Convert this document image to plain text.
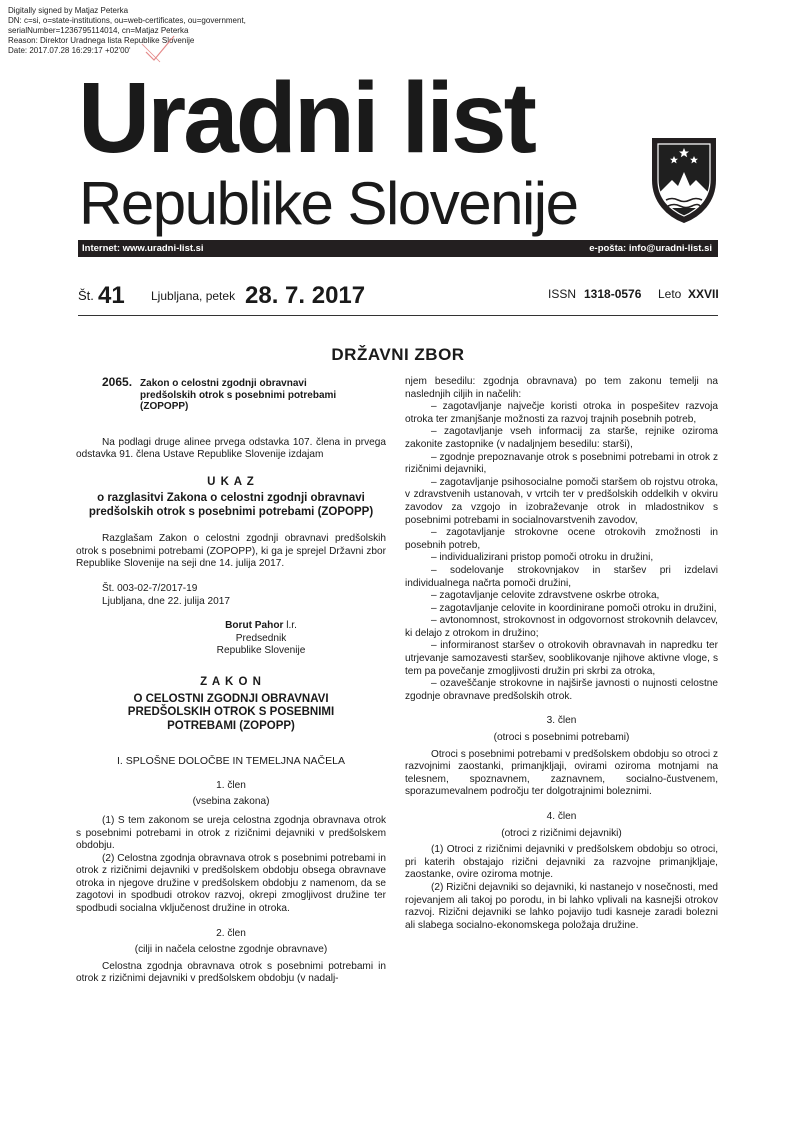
Digitally signed by Matjaz Peterka
DN: c=si, o=state-institutions, ou=web-certificates, ou=government,
serialNumber=1236795114014, cn=Matjaz Peterka
Reason: Direktor Uradnega lista Republike Slovenije
Date: 2017.07.28 16:29:17 +02'00'
Uradni list
Republike Slovenije
Internet: www.uradni-list.si	e-pošta: info@uradni-list.si
Št. 41 Ljubljana, petek 28. 7. 2017	ISSN 1318-0576 Leto XXVII
DRŽAVNI ZBOR
2065. Zakon o celostni zgodnji obravnavi predšolskih otrok s posebnimi potrebami (ZOPOPP)

Na podlagi druge alinee prvega odstavka 107. člena in prvega odstavka 91. člena Ustave Republike Slovenije izdajam

U K A Z

o razglasitvi Zakona o celostni zgodnji obravnavi predšolskih otrok s posebnimi potrebami (ZOPOPP)

Razglašam Zakon o celostni zgodnji obravnavi predšolskih otrok s posebnimi potrebami (ZOPOPP), ki ga je sprejel Državni zbor Republike Slovenije na seji dne 14. julija 2017.

Št. 003-02-7/2017-19

Ljubljana, dne 22. julija 2017

Borut Pahor l.r.
Predsednik
Republike Slovenije

Z A K O N

O CELOSTNI ZGODNJI OBRAVNAVI PREDŠOLSKIH OTROK S POSEBNIMI POTREBAMI (ZOPOPP)

I. SPLOŠNE DOLOČBE IN TEMELJNA NAČELA

1. člen

(vsebina zakona)

(1) S tem zakonom se ureja celostna zgodnja obravnava otrok s posebnimi potrebami in otrok z rizičnimi dejavniki v predšolskem obdobju.

(2) Celostna zgodnja obravnava otrok s posebnimi potrebami in otrok z rizičnimi dejavniki v predšolskem obdobju obsega obravnave otroka in njegove družine v predšolskem obdobju z namenom, da se zagotovi in spodbudi otrokov razvoj, okrepi zmogljivost družine ter spodbudi socialna vključenost družine in otroka.

2. člen

(cilji in načela celostne zgodnje obravnave)

Celostna zgodnja obravnava otrok s posebnimi potrebami in otrok z rizičnimi dejavniki v predšolskem obdobju (v nadalj-

njem besedilu: zgodnja obravnava) po tem zakonu temelji na naslednjih ciljih in načelih:

– zagotavljanje največje koristi otroka in pospešitev razvoja otroka ter zmanjšanje možnosti za razvoj trajnih posebnih potreb,

– zagotavljanje vseh informacij za starše, rejnike oziroma zakonite zastopnike (v nadaljnjem besedilu: starši),

– zgodnje prepoznavanje otrok s posebnimi potrebami in otrok z rizičnimi dejavniki,

– zagotavljanje psihosocialne pomoči staršem ob rojstvu otroka, v zdravstvenih ustanovah, v vrtcih ter v predšolskih oddelkih v okviru zavodov za vzgojo in izobraževanje otrok in mladostnikov s posebnimi potrebami in socialnovarstvenih zavodov,

– zagotavljanje strokovne ocene otrokovih zmožnosti in posebnih potreb,

– individualizirani pristop pomoči otroku in družini,

– sodelovanje strokovnjakov in staršev pri izdelavi individualnega načrta pomoči družini,

– zagotavljanje celovite zdravstvene oskrbe otroka,

– zagotavljanje celovite in koordinirane pomoči otroku in družini,

– avtonomnost, strokovnost in odgovornost strokovnih delavcev, ki delajo z otrokom in družino;

– informiranost staršev o otrokovih obravnavah in napredku ter utrjevanje samozavesti staršev, sooblikovanje njihove aktivne vloge, s tem pa povečanje zmogljivosti družin pri skrbi za otroka,

– ozaveščanje strokovne in najširše javnosti o nujnosti celostne zgodnje obravnave predšolskih otrok.

3. člen

(otroci s posebnimi potrebami)

Otroci s posebnimi potrebami v predšolskem obdobju so otroci z razvojnimi zaostanki, primanjkljaji, ovirami oziroma motnjami na telesnem, spoznavnem, zaznavnem, socialno-čustvenem, sporazumevalnem področju ter dolgotrajnimi boleznimi.

4. člen

(otroci z rizičnimi dejavniki)

(1) Otroci z rizičnimi dejavniki v predšolskem obdobju so otroci, pri katerih obstajajo rizični dejavniki za razvojne primanjkljaje, zaostanke, ovire oziroma motnje.

(2) Rizični dejavniki so dejavniki, ki nastanejo v nosečnosti, med rojevanjem ali takoj po porodu, in bi lahko vplivali na kasnejši otrokov razvoj. Rizični dejavniki se lahko pojavijo tudi kasneje zaradi bolezni ali slabega socialno-ekonomskega položaja družine.
